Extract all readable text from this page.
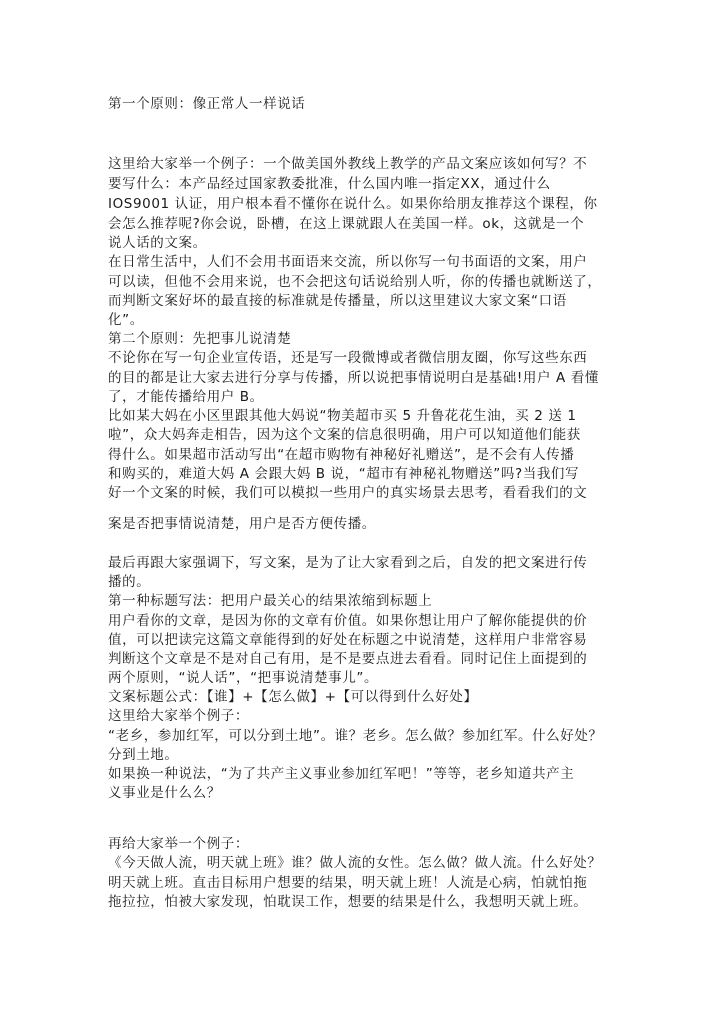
第一个原则：像正常人一样说话
这里给大家举一个例子：一个做美国外教线上教学的产品文案应该如何写？不
要写什么：本产品经过国家教委批准，什么国内唯一指定XX，通过什么
IOS9001 认证，用户根本看不懂你在说什么。如果你给朋友推荐这个课程，你
会怎么推荐呢?你会说，卧槽，在这上课就跟人在美国一样。ok，这就是一个
说人话的文案。
在日常生活中，人们不会用书面语来交流，所以你写一句书面语的文案，用户
可以读，但他不会用来说，也不会把这句话说给别人听，你的传播也就断送了，
而判断文案好坏的最直接的标准就是传播量，所以这里建议大家文案“口语
化”。
第二个原则：先把事儿说清楚
不论你在写一句企业宣传语，还是写一段微博或者微信朋友圈，你写这些东西
的目的都是让大家去进行分享与传播，所以说把事情说明白是基础!用户 A 看懂
了，才能传播给用户 B。
比如某大妈在小区里跟其他大妈说“物美超市买 5 升鲁花花生油，买 2 送 1
啦”，众大妈奔走相告，因为这个文案的信息很明确，用户可以知道他们能获
得什么。如果超市活动写出“在超市购物有神秘好礼赠送”，是不会有人传播
和购买的，难道大妈 A 会跟大妈 B 说，“超市有神秘礼物赠送”吗?当我们写
好一个文案的时候，我们可以模拟一些用户的真实场景去思考，看看我们的文
案是否把事情说清楚，用户是否方便传播。
最后再跟大家强调下，写文案，是为了让大家看到之后，自发的把文案进行传
播的。
第一种标题写法：把用户最关心的结果浓缩到标题上
用户看你的文章，是因为你的文章有价值。如果你想让用户了解你能提供的价
值，可以把读完这篇文章能得到的好处在标题之中说清楚，这样用户非常容易
判断这个文章是不是对自己有用，是不是要点进去看看。同时记住上面提到的
两个原则，“说人话”，“把事说清楚事儿”。
文案标题公式：【谁】+【怎么做】+【可以得到什么好处】
这里给大家举个例子：
“老乡，参加红军，可以分到土地”。谁？老乡。怎么做？参加红军。什么好处？
分到土地。
如果换一种说法，“为了共产主义事业参加红军吧！”等等，老乡知道共产主
义事业是什么么？
再给大家举一个例子：
《今天做人流，明天就上班》谁？做人流的女性。怎么做？做人流。什么好处？
明天就上班。直击目标用户想要的结果，明天就上班！人流是心病，怕就怕拖
拖拉拉，怕被大家发现，怕耽误工作，想要的结果是什么，我想明天就上班。
